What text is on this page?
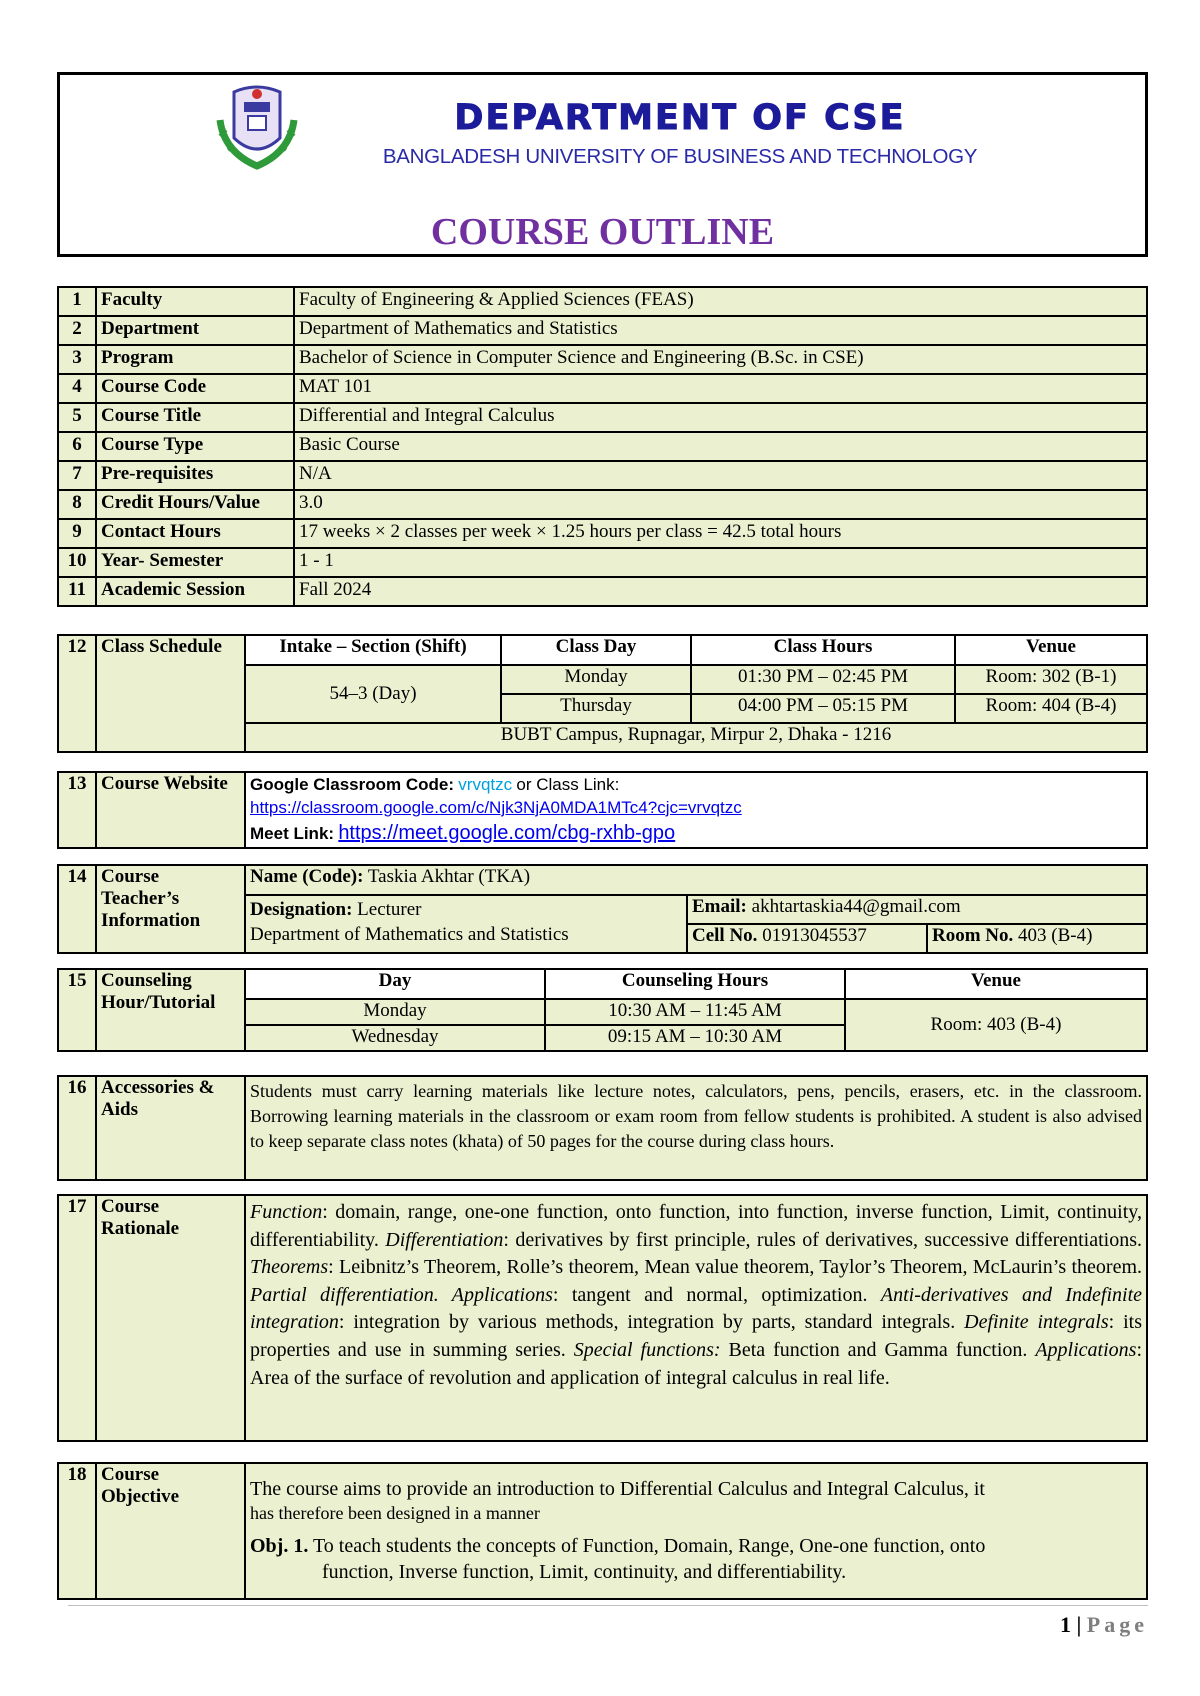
DEPARTMENT OF CSE
BANGLADESH UNIVERSITY OF BUSINESS AND TECHNOLOGY
COURSE OUTLINE
1	Faculty	Faculty of Engineering & Applied Sciences (FEAS)
2	Department	Department of Mathematics and Statistics
3	Program	Bachelor of Science in Computer Science and Engineering (B.Sc. in CSE)
4	Course Code	MAT 101
5	Course Title	Differential and Integral Calculus
6	Course Type	Basic Course
7	Pre-requisites	N/A
8	Credit Hours/Value	3.0
9	Contact Hours	17 weeks × 2 classes per week × 1.25 hours per class = 42.5 total hours
10	Year- Semester	1 - 1
11	Academic Session	Fall 2024
12	Class Schedule	Intake – Section (Shift)	Class Day	Class Hours	Venue
		54–3 (Day)	Monday	01:30 PM – 02:45 PM	Room: 302 (B-1)
			Thursday	04:00 PM – 05:15 PM	Room: 404 (B-4)
		BUBT Campus, Rupnagar, Mirpur 2, Dhaka - 1216			
13	Course Website	Google Classroom Code: vrvqtzc or Class Link:
https://classroom.google.com/c/Njk3NjA0MDA1MTc4?cjc=vrvqtzc
Meet Link: https://meet.google.com/cbg-rxhb-gpo
14	Course Teacher’s Information	Name (Code): Taskia Akhtar (TKA)		
		Designation: Lecturer
Department of Mathematics and Statistics	Email: akhtartaskia44@gmail.com	
			Cell No. 01913045537	Room No. 403 (B-4)
15	Counseling Hour/Tutorial	Day	Counseling Hours	Venue
		Monday	10:30 AM – 11:45 AM	Room: 403 (B-4)
		Wednesday	09:15 AM – 10:30 AM	
16	Accessories & Aids	Students must carry learning materials like lecture notes, calculators, pens, pencils, erasers, etc. in the classroom. Borrowing learning materials in the classroom or exam room from fellow students is prohibited. A student is also advised to keep separate class notes (khata) of 50 pages for the course during class hours.
17	Course Rationale	Function: domain, range, one-one function, onto function, into function, inverse function, Limit, continuity, differentiability. Differentiation: derivatives by first principle, rules of derivatives, successive differentiations. Theorems: Leibnitz’s Theorem, Rolle’s theorem, Mean value theorem, Taylor’s Theorem, McLaurin’s theorem. Partial differentiation. Applications: tangent and normal, optimization. Anti-derivatives and Indefinite integration: integration by various methods, integration by parts, standard integrals. Definite integrals: its properties and use in summing series. Special functions: Beta function and Gamma function. Applications: Area of the surface of revolution and application of integral calculus in real life.
18	Course Objective	The course aims to provide an introduction to Differential Calculus and Integral Calculus, it
has therefore been designed in a manner
Obj. 1. To teach students the concepts of Function, Domain, Range, One-one function, onto
function, Inverse function, Limit, continuity, and differentiability.
1 | Page
